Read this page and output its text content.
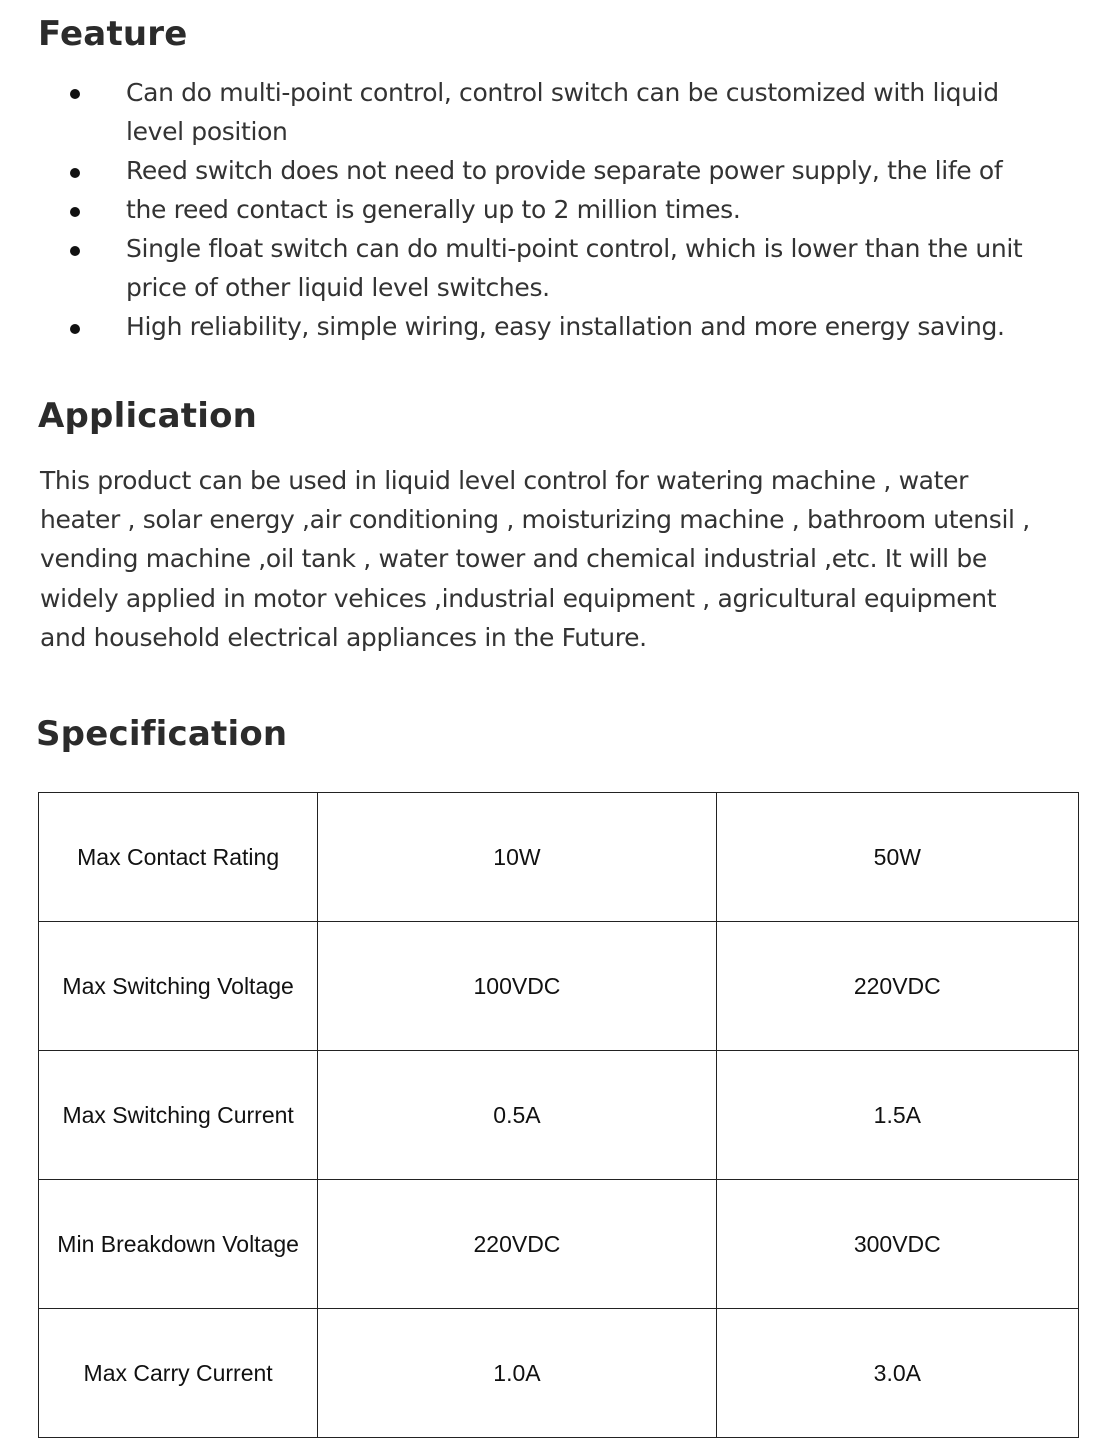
Feature
Can do multi-point control, control switch can be customized with liquid
level position
Reed switch does not need to provide separate power supply, the life of
the reed contact is generally up to 2 million times.
Single float switch can do multi-point control, which is lower than the unit
price of other liquid level switches.
High reliability, simple wiring, easy installation and more energy saving.
Application

This product can be used in liquid level control for watering machine , water
heater , solar energy ,air conditioning , moisturizing machine , bathroom utensil ,
vending machine ,oil tank , water tower and chemical industrial ,etc. It will be
widely applied in motor vehices ,industrial equipment , agricultural equipment
and household electrical appliances in the Future.

Specification
Max Contact Rating	10W	50W
Max Switching Voltage	100VDC	220VDC
Max Switching Current	0.5A	1.5A
Min Breakdown Voltage	220VDC	300VDC
Max Carry Current	1.0A	3.0A
